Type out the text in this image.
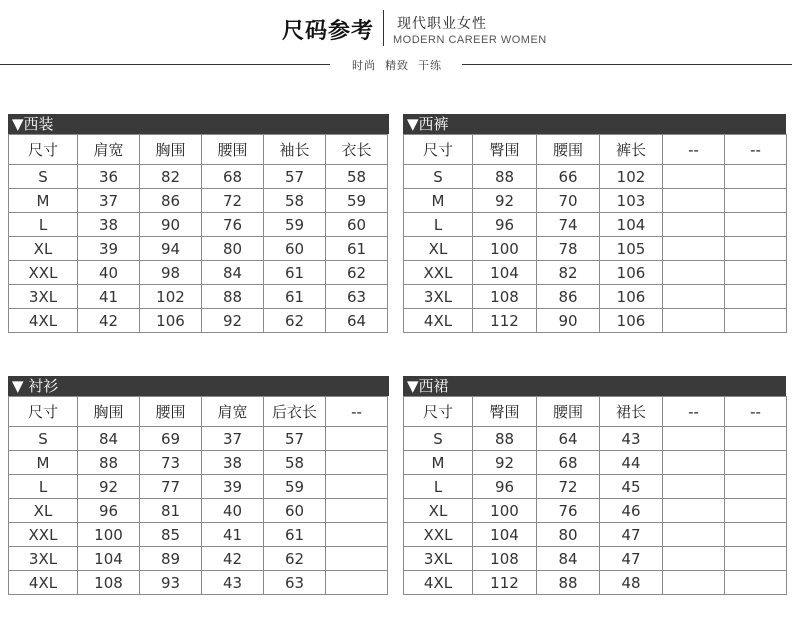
尺码参考 现代职业女性
MODERN CAREER WOMEN
时尚  精致  干练
▼西装
尺寸	肩宽	胸围	腰围	袖长	衣长
S	36	82	68	57	58
M	37	86	72	58	59
L	38	90	76	59	60
XL	39	94	80	60	61
XXL	40	98	84	61	62
3XL	41	102	88	61	63
4XL	42	106	92	62	64
▼西裤
尺寸	臀围	腰围	裤长	--	--
S	88	66	102		
M	92	70	103		
L	96	74	104		
XL	100	78	105		
XXL	104	82	106		
3XL	108	86	106		
4XL	112	90	106		
▼ 衬衫
尺寸	胸围	腰围	肩宽	后衣长	--
S	84	69	37	57	
M	88	73	38	58	
L	92	77	39	59	
XL	96	81	40	60	
XXL	100	85	41	61	
3XL	104	89	42	62	
4XL	108	93	43	63	
▼西裙
尺寸	臀围	腰围	裙长	--	--
S	88	64	43		
M	92	68	44		
L	96	72	45		
XL	100	76	46		
XXL	104	80	47		
3XL	108	84	47		
4XL	112	88	48		
